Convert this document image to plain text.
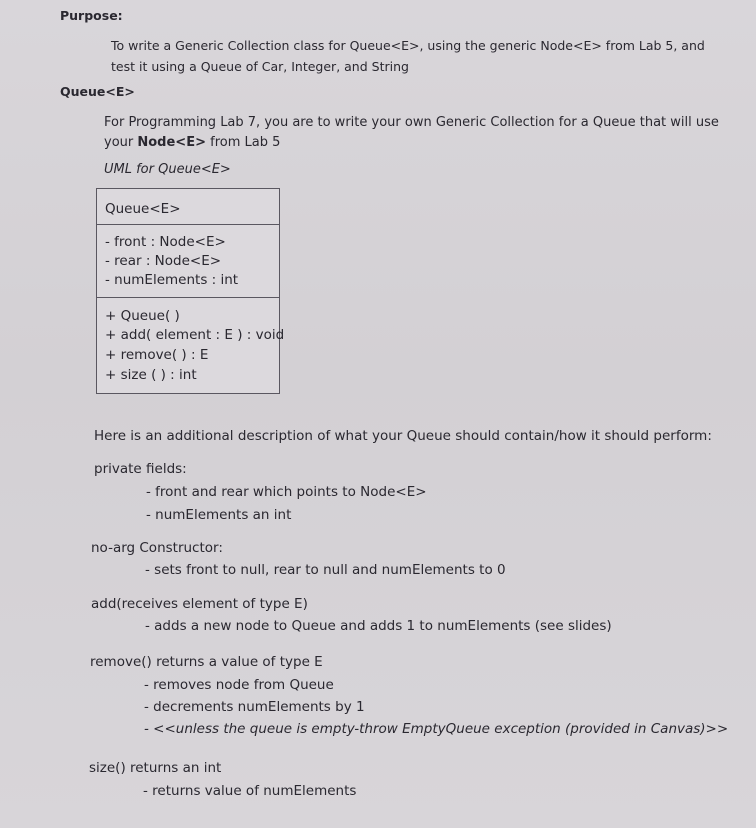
Purpose:
To write a Generic Collection class for Queue<E>, using the generic Node<E> from Lab 5, and
test it using a Queue of Car, Integer, and String
Queue<E>
For Programming Lab 7, you are to write your own Generic Collection for a Queue that will use
your Node<E> from Lab 5
UML for Queue<E>
Queue<E>
- front : Node<E>
- rear : Node<E>
- numElements : int
+ Queue( )
+ add( element : E ) : void
+ remove( ) : E
+ size ( ) : int
Here is an additional description of what your Queue should contain/how it should perform:
private fields:
- front and rear which points to Node<E>
- numElements an int
no-arg Constructor:
- sets front to null, rear to null and numElements to 0
add(receives element of type E)
- adds a new node to Queue and adds 1 to numElements (see slides)
remove() returns a value of type E
- removes node from Queue
- decrements numElements by 1
- <<unless the queue is empty-throw EmptyQueue exception (provided in Canvas)>>
size() returns an int
- returns value of numElements
